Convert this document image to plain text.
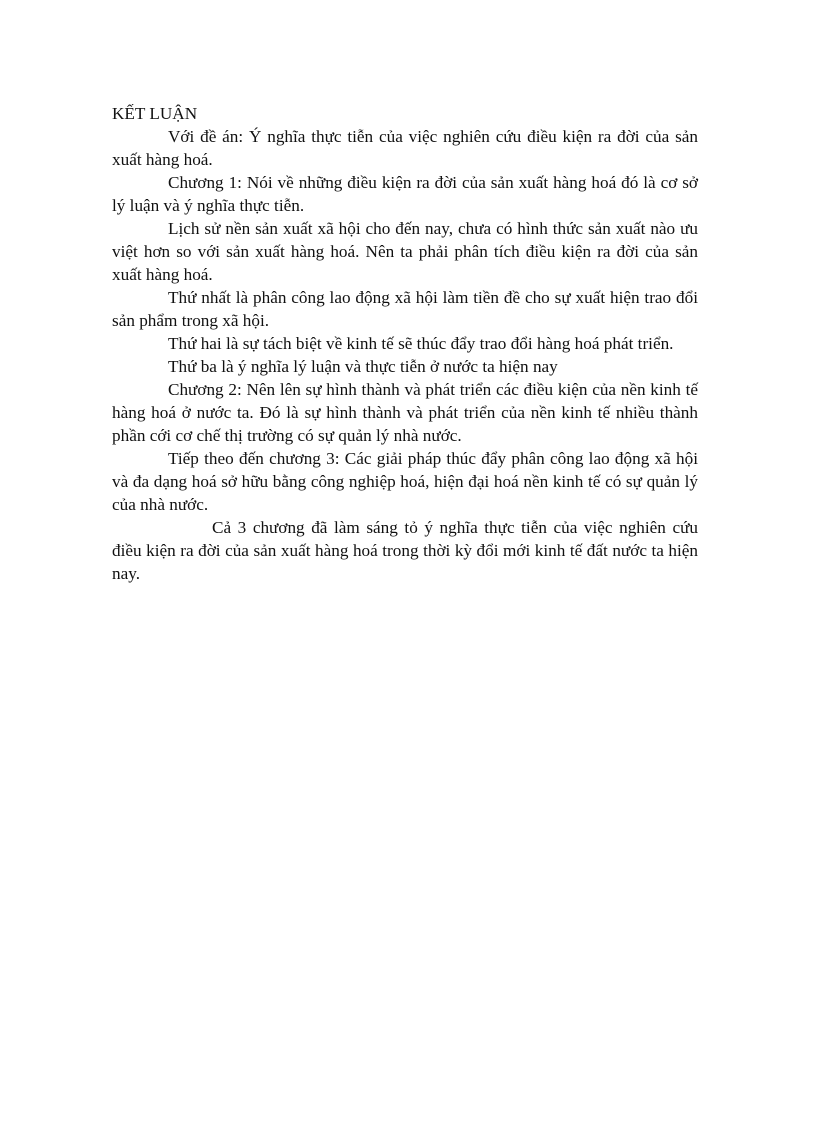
KẾT LUẬN

Với đề án: Ý nghĩa thực tiễn của việc nghiên cứu điều kiện ra đời của sản xuất hàng hoá.

Chương 1: Nói về những điều kiện ra đời của sản xuất hàng hoá đó là cơ sở lý luận và ý nghĩa thực tiễn.

Lịch sử nền sản xuất xã hội cho đến nay, chưa có hình thức sản xuất nào ưu việt hơn so với sản xuất hàng hoá. Nên ta phải phân tích điều kiện ra đời của sản xuất hàng hoá.

Thứ nhất là phân công lao động xã hội làm tiền đề cho sự xuất hiện trao đổi sản phẩm trong xã hội.

Thứ hai là sự tách biệt về kinh tế sẽ thúc đẩy trao đổi hàng hoá phát triển.

Thứ ba là ý nghĩa lý luận và thực tiễn ở nước ta hiện nay

Chương 2: Nên lên sự hình thành và phát triển các điều kiện của nền kinh tế hàng hoá ở nước ta. Đó là sự hình thành và phát triển của nền kinh tế nhiều thành phần cới cơ chế thị trường có sự quản lý nhà nước.

Tiếp theo đến chương 3: Các giải pháp thúc đẩy phân công lao động xã hội và đa dạng hoá sở hữu bằng công nghiệp hoá, hiện đại hoá nền kinh tế có sự quản lý của nhà nước.

Cả 3 chương đã làm sáng tỏ ý nghĩa thực tiễn của việc nghiên cứu điều kiện ra đời của sản xuất hàng hoá trong thời kỳ đổi mới kinh tế đất nước ta hiện nay.
